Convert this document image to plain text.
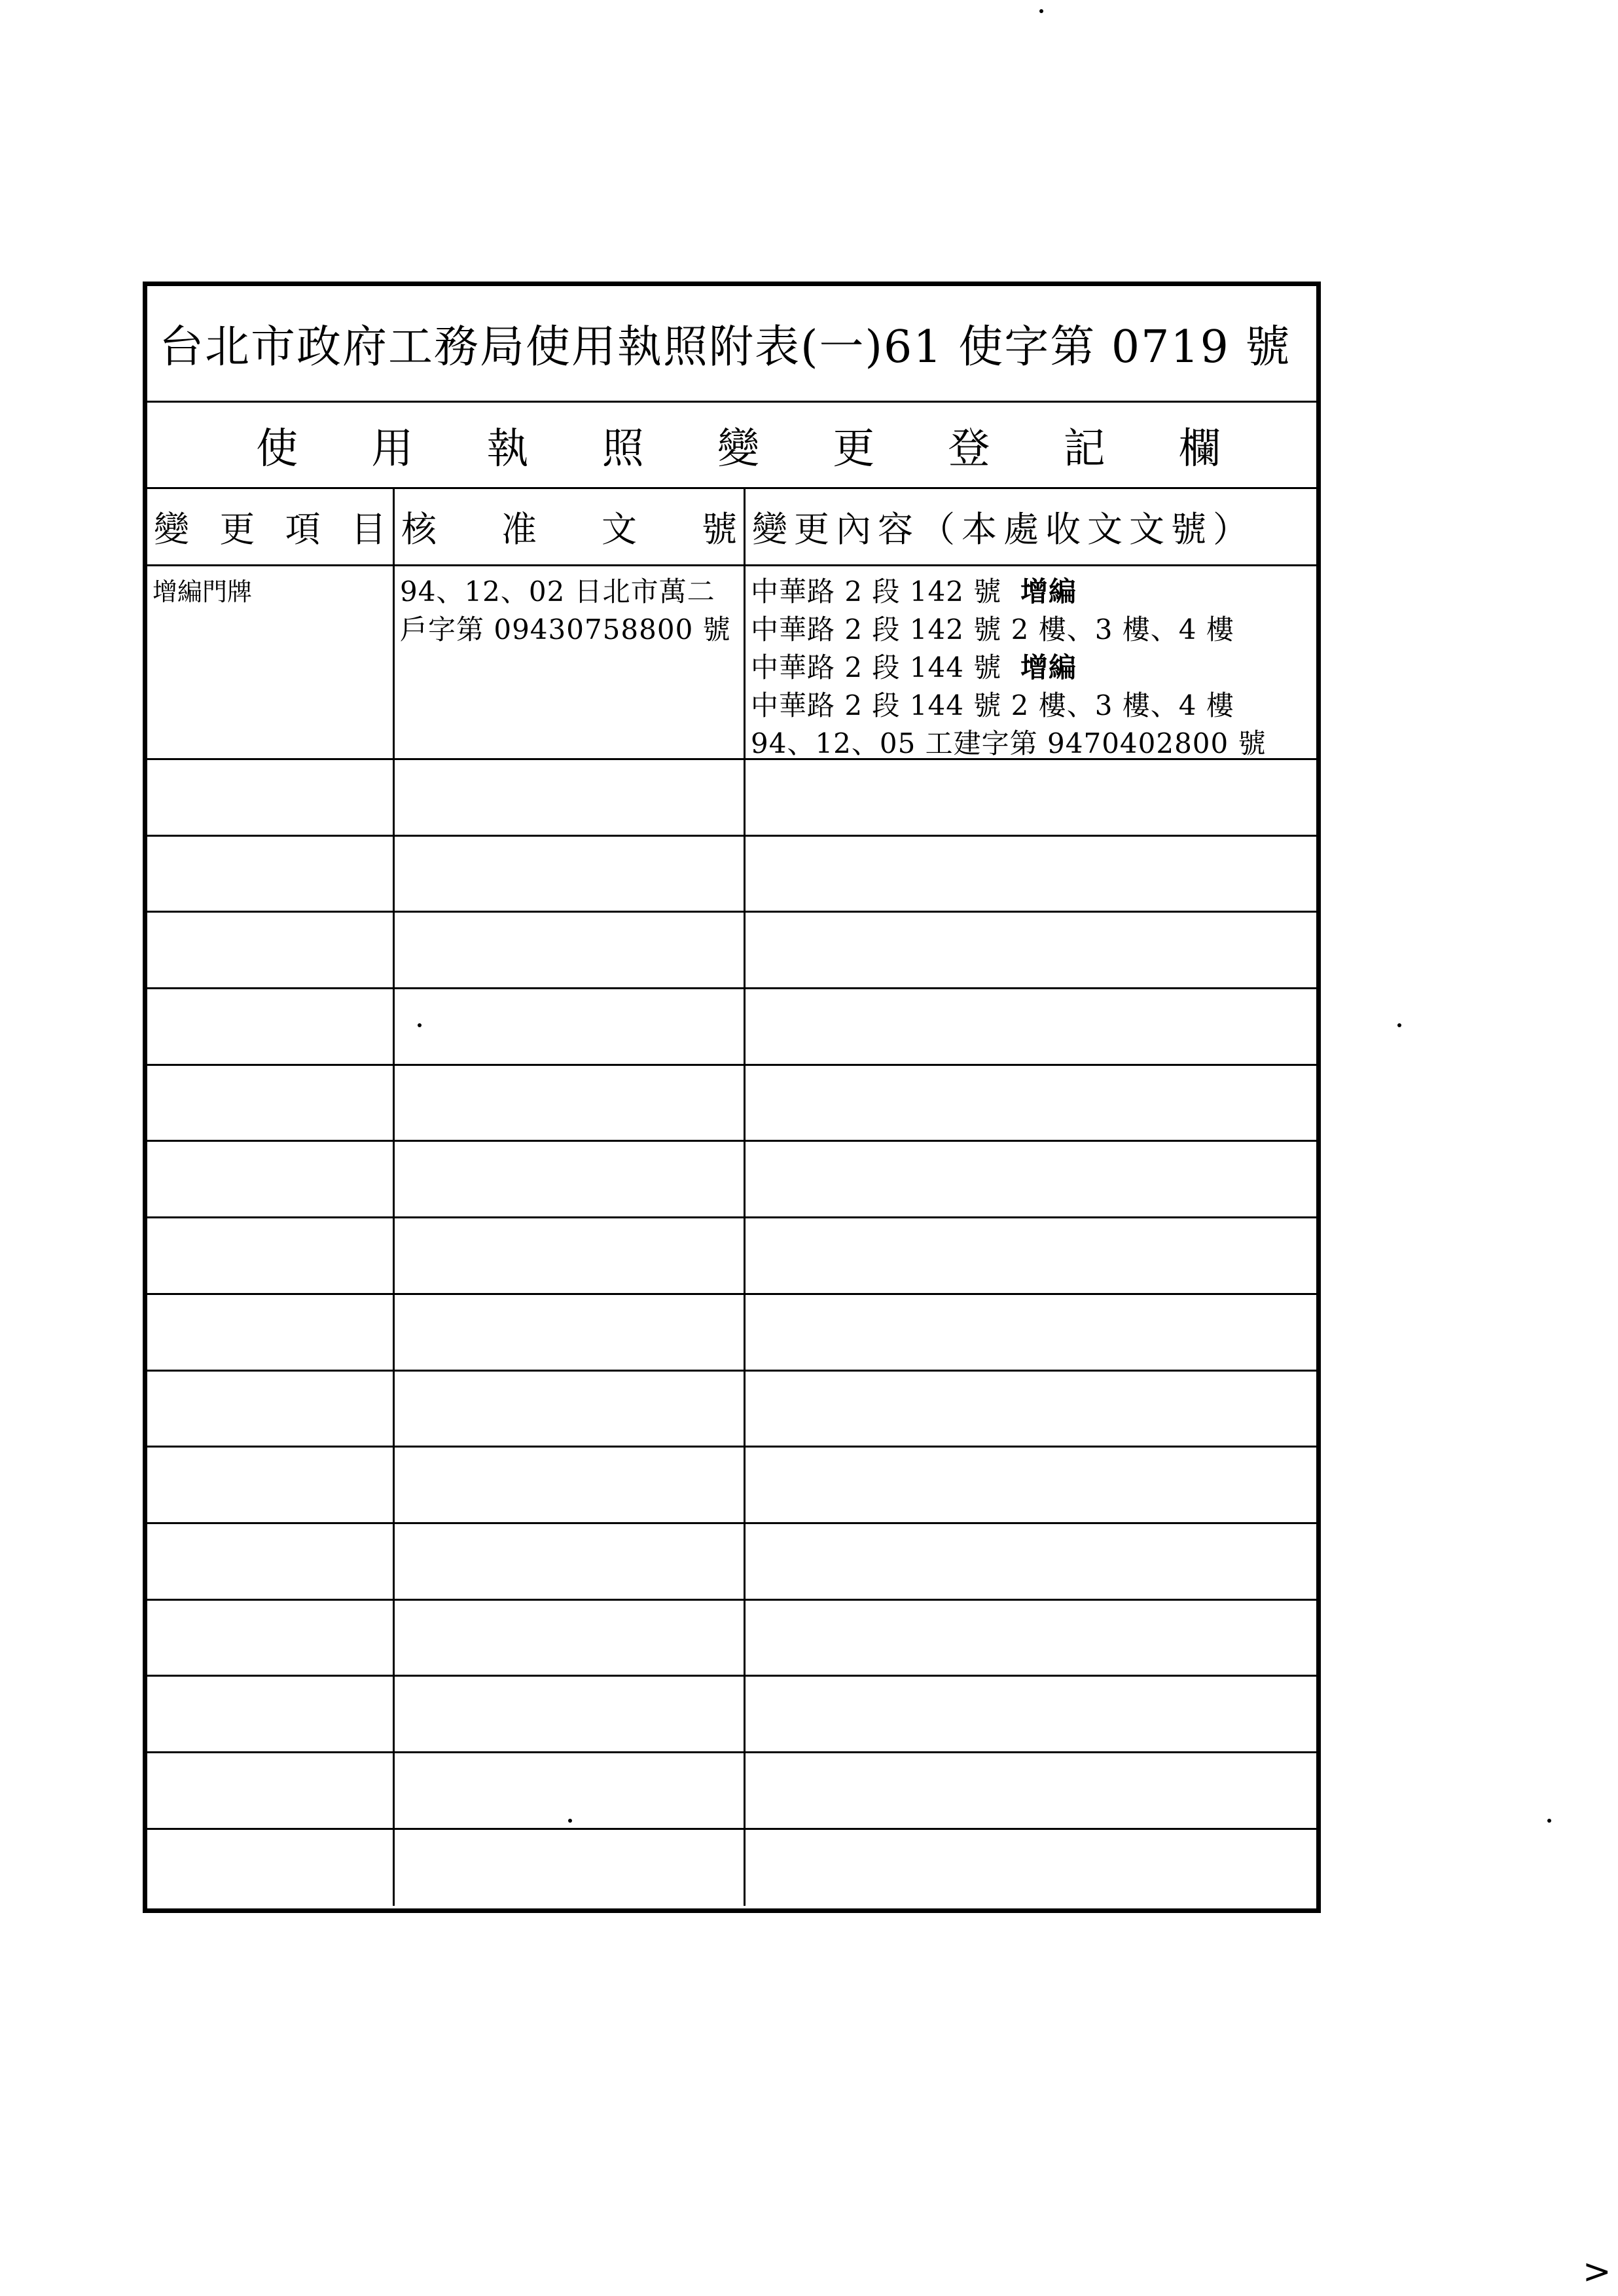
台北市政府工務局使用執照附表(一)61 使字第 0719 號
使 用 執 照 變 更 登 記 欄
變 更 項 目 核 准 文 號 變更內容（本處收文文號）
增編門牌	94、12、02 日北市萬二
戶字第 09430758800 號
中華路 2 段 142 號 增編
中華路 2 段 142 號 2 樓、3 樓、4 樓
中華路 2 段 144 號 增編
中華路 2 段 144 號 2 樓、3 樓、4 樓
94、12、05 工建字第 9470402800 號
>
